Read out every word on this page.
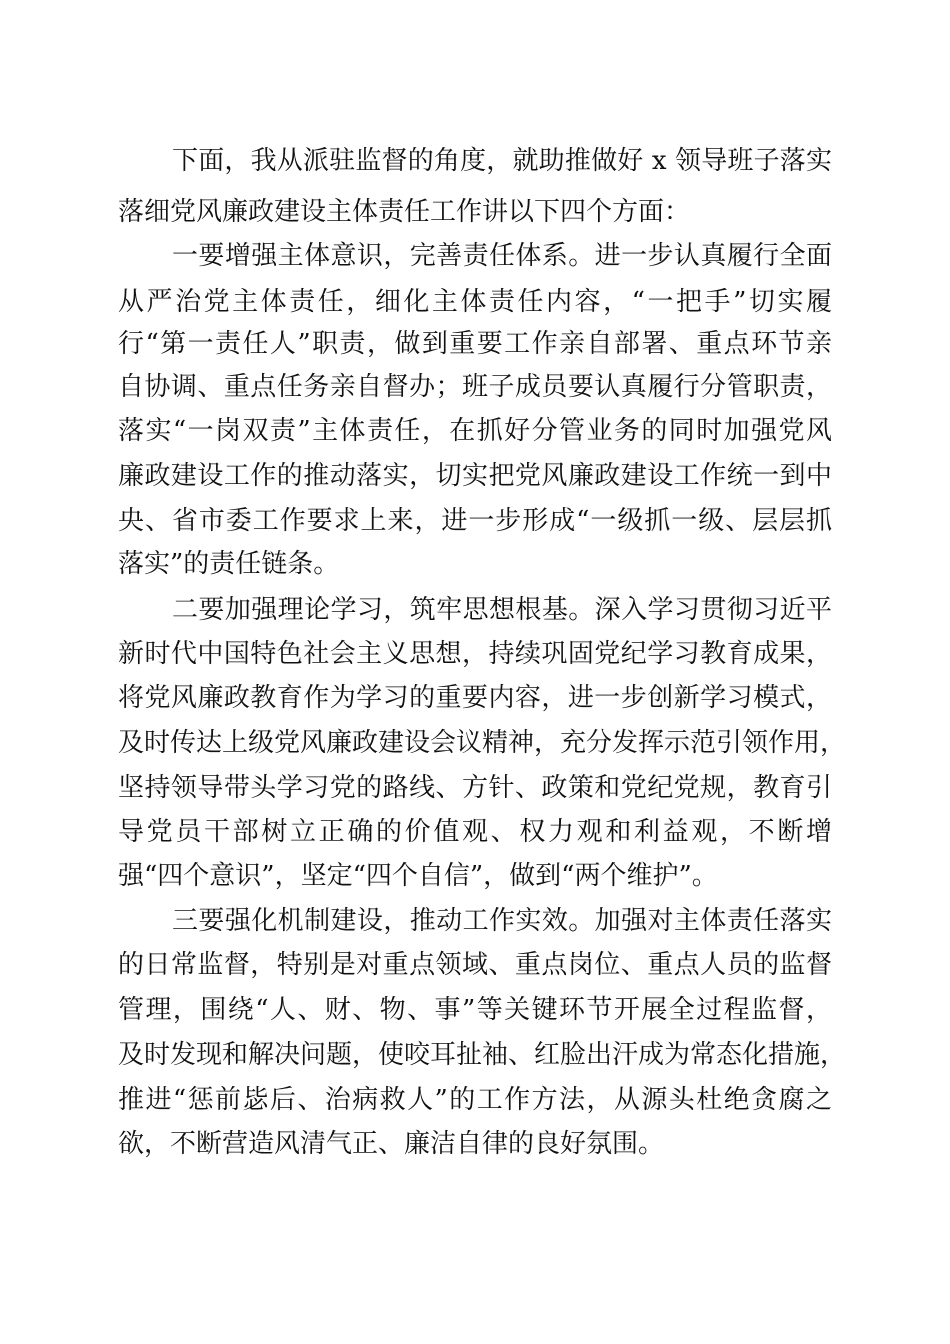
下面，我从派驻监督的角度，就助推做好 x 领导班子落实

落细党风廉政建设主体责任工作讲以下四个方面：

一要增强主体意识，完善责任体系。进一步认真履行全面

从严治党主体责任，细化主体责任内容，“一把手”切实履

行“第一责任人”职责，做到重要工作亲自部署、重点环节亲

自协调、重点任务亲自督办；班子成员要认真履行分管职责，

落实“一岗双责”主体责任，在抓好分管业务的同时加强党风

廉政建设工作的推动落实，切实把党风廉政建设工作统一到中

央、省市委工作要求上来，进一步形成“一级抓一级、层层抓

落实”的责任链条。

二要加强理论学习，筑牢思想根基。深入学习贯彻习近平

新时代中国特色社会主义思想，持续巩固党纪学习教育成果，

将党风廉政教育作为学习的重要内容，进一步创新学习模式，

及时传达上级党风廉政建设会议精神，充分发挥示范引领作用，

坚持领导带头学习党的路线、方针、政策和党纪党规，教育引

导党员干部树立正确的价值观、权力观和利益观，不断增

强“四个意识”，坚定“四个自信”，做到“两个维护”。

三要强化机制建设，推动工作实效。加强对主体责任落实

的日常监督，特别是对重点领域、重点岗位、重点人员的监督

管理，围绕“人、财、物、事”等关键环节开展全过程监督，

及时发现和解决问题，使咬耳扯袖、红脸出汗成为常态化措施，

推进“惩前毖后、治病救人”的工作方法，从源头杜绝贪腐之

欲，不断营造风清气正、廉洁自律的良好氛围。
